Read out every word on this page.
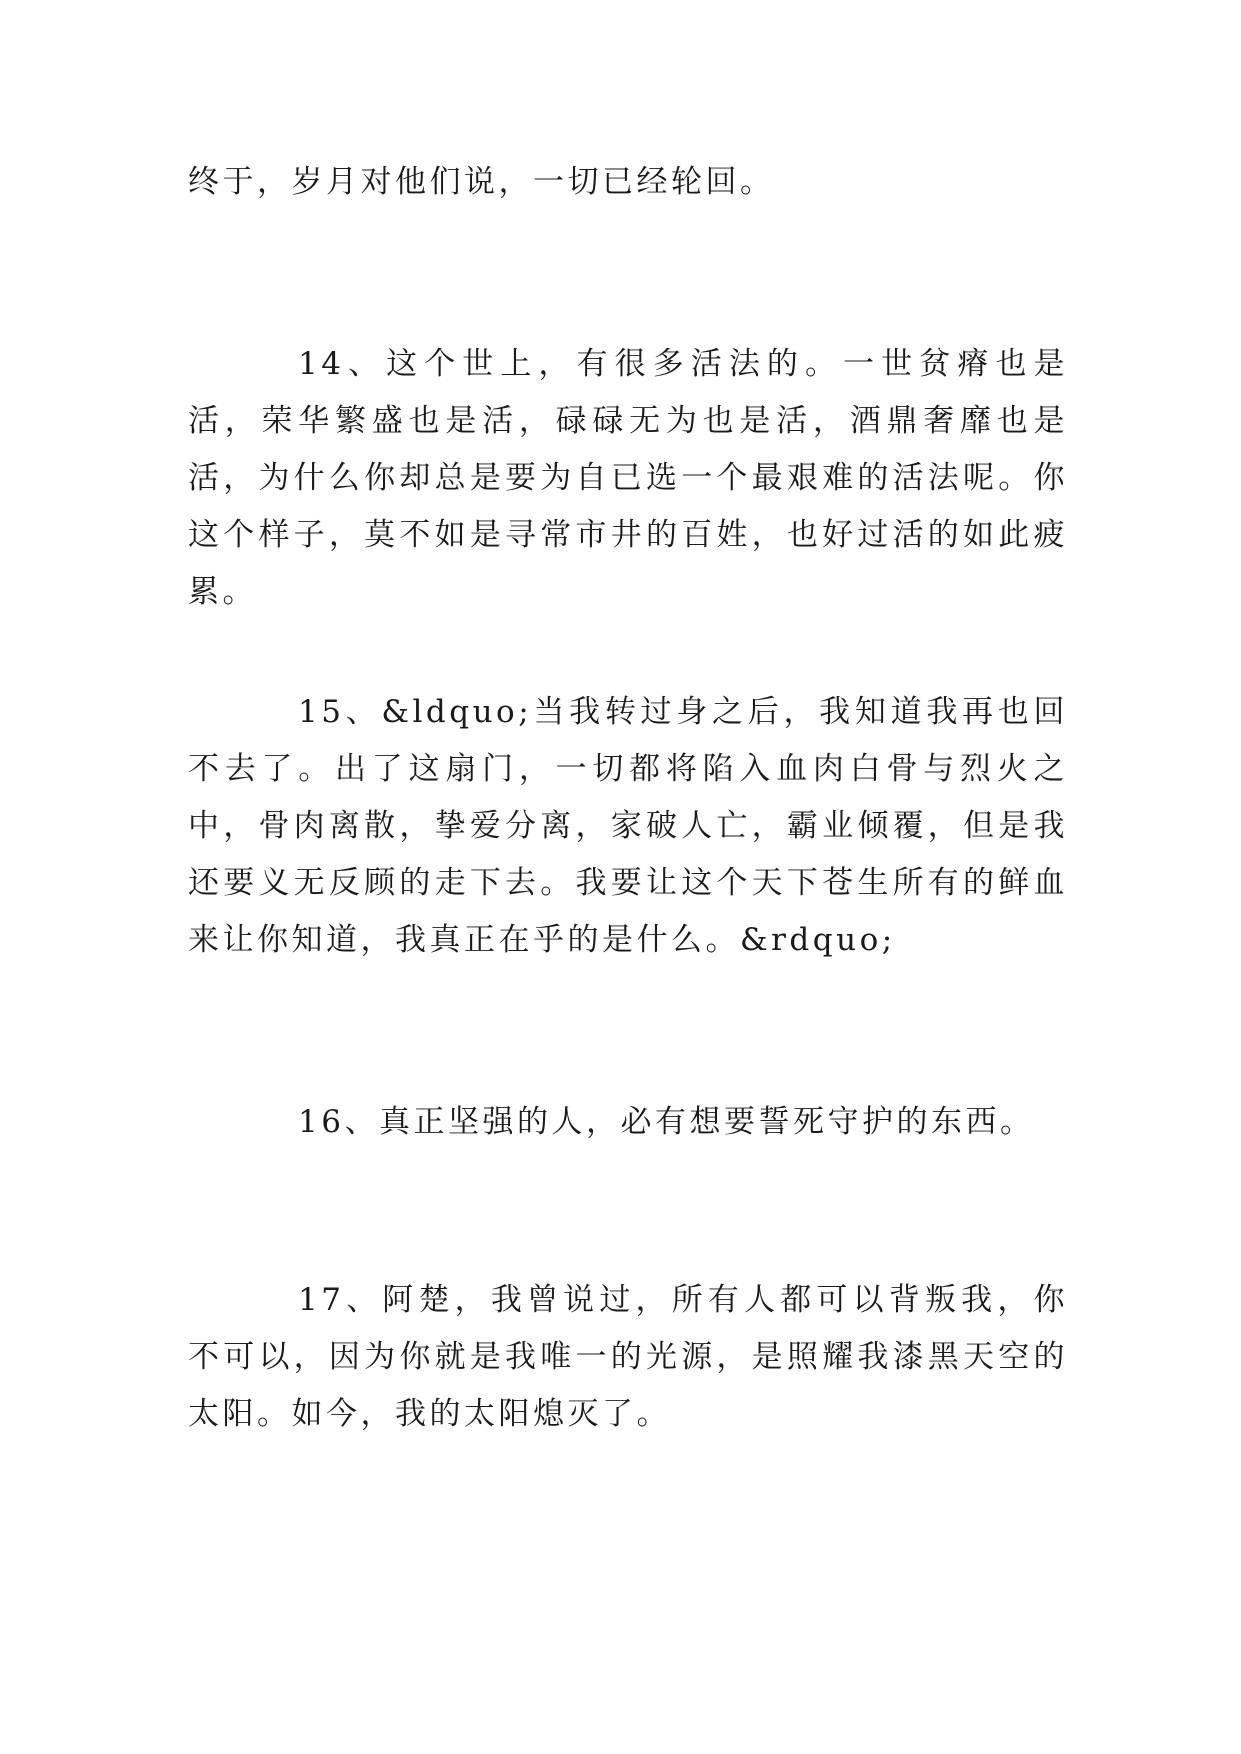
终于，岁月对他们说，一切已经轮回。

14、这个世上，有很多活法的。一世贫瘠也是活，荣华繁盛也是活，碌碌无为也是活，酒鼎奢靡也是活，为什么你却总是要为自已选一个最艰难的活法呢。你这个样子，莫不如是寻常市井的百姓，也好过活的如此疲累。

15、&ldquo;当我转过身之后，我知道我再也回不去了。出了这扇门，一切都将陷入血肉白骨与烈火之中，骨肉离散，挚爱分离，家破人亡，霸业倾覆，但是我还要义无反顾的走下去。我要让这个天下苍生所有的鲜血来让你知道，我真正在乎的是什么。&rdquo;

16、真正坚强的人，必有想要誓死守护的东西。

17、阿楚，我曾说过，所有人都可以背叛我，你不可以，因为你就是我唯一的光源，是照耀我漆黑天空的太阳。如今，我的太阳熄灭了。
